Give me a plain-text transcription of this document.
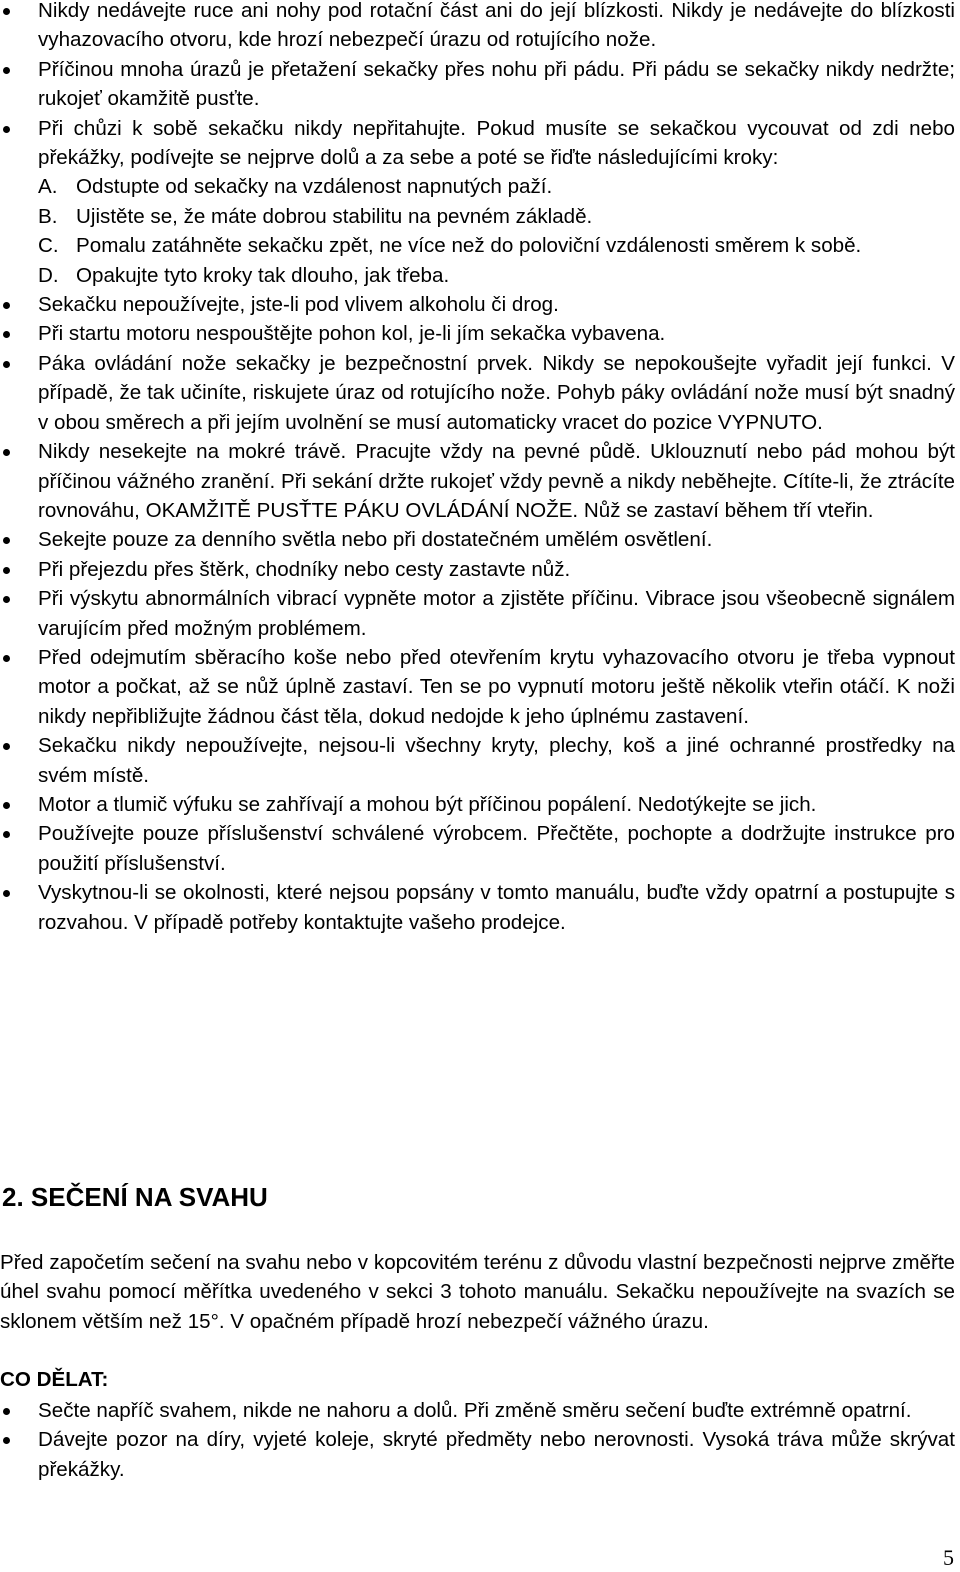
Nikdy nedávejte ruce ani nohy pod rotační část ani do její blízkosti. Nikdy je nedávejte do blízkosti vyhazovacího otvoru, kde hrozí nebezpečí úrazu od rotujícího nože.
Příčinou mnoha úrazů je přetažení sekačky přes nohu při pádu. Při pádu se sekačky nikdy nedržte; rukojeť okamžitě pusťte.
Při chůzi k sobě sekačku nikdy nepřitahujte. Pokud musíte se sekačkou vycouvat od zdi nebo překážky, podívejte se nejprve dolů a za sebe a poté se řiďte následujícími kroky:
A. Odstupte od sekačky na vzdálenost napnutých paží.
B. Ujistěte se, že máte dobrou stabilitu na pevném základě.
C. Pomalu zatáhněte sekačku zpět, ne více než do poloviční vzdálenosti směrem k sobě.
D. Opakujte tyto kroky tak dlouho, jak třeba.
Sekačku nepoužívejte, jste-li pod vlivem alkoholu či drog.
Při startu motoru nespouštějte pohon kol, je-li jím sekačka vybavena.
Páka ovládání nože sekačky je bezpečnostní prvek. Nikdy se nepokoušejte vyřadit její funkci. V případě, že tak učiníte, riskujete úraz od rotujícího nože. Pohyb páky ovládání nože musí být snadný v obou směrech a při jejím uvolnění se musí automaticky vracet do pozice VYPNUTO.
Nikdy nesekejte na mokré trávě. Pracujte vždy na pevné půdě. Uklouznutí nebo pád mohou být příčinou vážného zranění. Při sekání držte rukojeť vždy pevně a nikdy neběhejte. Cítíte-li, že ztrácíte rovnováhu, OKAMŽITĚ PUSŤTE PÁKU OVLÁDÁNÍ NOŽE. Nůž se zastaví během tří vteřin.
Sekejte pouze za denního světla nebo při dostatečném umělém osvětlení.
Při přejezdu přes štěrk, chodníky nebo cesty zastavte nůž.
Při výskytu abnormálních vibrací vypněte motor a zjistěte příčinu. Vibrace jsou všeobecně signálem varujícím před možným problémem.
Před odejmutím sběracího koše nebo před otevřením krytu vyhazovacího otvoru je třeba vypnout motor a počkat, až se nůž úplně zastaví. Ten se po vypnutí motoru ještě několik vteřin otáčí. K noži nikdy nepřibližujte žádnou část těla, dokud nedojde k jeho úplnému zastavení.
Sekačku nikdy nepoužívejte, nejsou-li všechny kryty, plechy, koš a jiné ochranné prostředky na svém místě.
Motor a tlumič výfuku se zahřívají a mohou být příčinou popálení. Nedotýkejte se jich.
Používejte pouze příslušenství schválené výrobcem. Přečtěte, pochopte a dodržujte instrukce pro použití příslušenství.
Vyskytnou-li se okolnosti, které nejsou popsány v tomto manuálu, buďte vždy opatrní a postupujte s rozvahou. V případě potřeby kontaktujte vašeho prodejce.
2. SEČENÍ NA SVAHU

Před započetím sečení na svahu nebo v kopcovitém terénu z důvodu vlastní bezpečnosti nejprve změřte úhel svahu pomocí měřítka uvedeného v sekci 3 tohoto manuálu. Sekačku nepoužívejte na svazích se sklonem větším než 15°. V opačném případě hrozí nebezpečí vážného úrazu.

CO DĚLAT:

Sečte napříč svahem, nikde ne nahoru a dolů. Při změně směru sečení buďte extrémně opatrní.
Dávejte pozor na díry, vyjeté koleje, skryté předměty nebo nerovnosti. Vysoká tráva může skrývat překážky.
5
